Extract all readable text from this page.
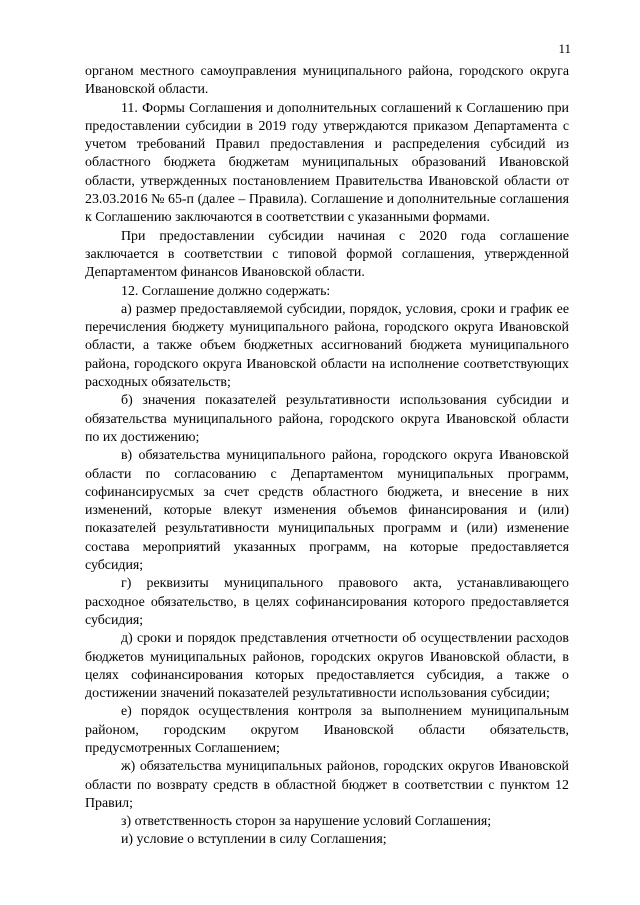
11

органом местного самоуправления муниципального района, городского округа Ивановской области.

11. Формы Соглашения и дополнительных соглашений к Соглашению при предоставлении субсидии в 2019 году утверждаются приказом Департамента с учетом требований Правил предоставления и распределения субсидий из областного бюджета бюджетам муниципальных образований Ивановской области, утвержденных постановлением Правительства Ивановской области от 23.03.2016 № 65-п (далее – Правила). Соглашение и дополнительные соглашения к Соглашению заключаются в соответствии с указанными формами.

При предоставлении субсидии начиная с 2020 года соглашение заключается в соответствии с типовой формой соглашения, утвержденной Департаментом финансов Ивановской области.

12. Соглашение должно содержать:

а) размер предоставляемой субсидии, порядок, условия, сроки и график ее перечисления бюджету муниципального района, городского округа Ивановской области, а также объем бюджетных ассигнований бюджета муниципального района, городского округа Ивановской области на исполнение соответствующих расходных обязательств;

б) значения показателей результативности использования субсидии и обязательства муниципального района, городского округа Ивановской области по их достижению;

в) обязательства муниципального района, городского округа Ивановской области по согласованию с Департаментом муниципальных программ, софинансирусмых за счет средств областного бюджета, и внесение в них изменений, которые влекут изменения объемов финансирования и (или) показателей результативности муниципальных программ и (или) изменение состава мероприятий указанных программ, на которые предоставляется субсидия;

г) реквизиты муниципального правового акта, устанавливающего расходное обязательство, в целях софинансирования которого предоставляется субсидия;

д) сроки и порядок представления отчетности об осуществлении расходов бюджетов муниципальных районов, городских округов Ивановской области, в целях софинансирования которых предоставляется субсидия, а также о достижении значений показателей результативности использования субсидии;

е) порядок осуществления контроля за выполнением муниципальным районом, городским округом Ивановской области обязательств, предусмотренных Соглашением;

ж) обязательства муниципальных районов, городских округов Ивановской области по возврату средств в областной бюджет в соответствии с пунктом 12 Правил;

з) ответственность сторон за нарушение условий Соглашения;

и) условие о вступлении в силу Соглашения;
